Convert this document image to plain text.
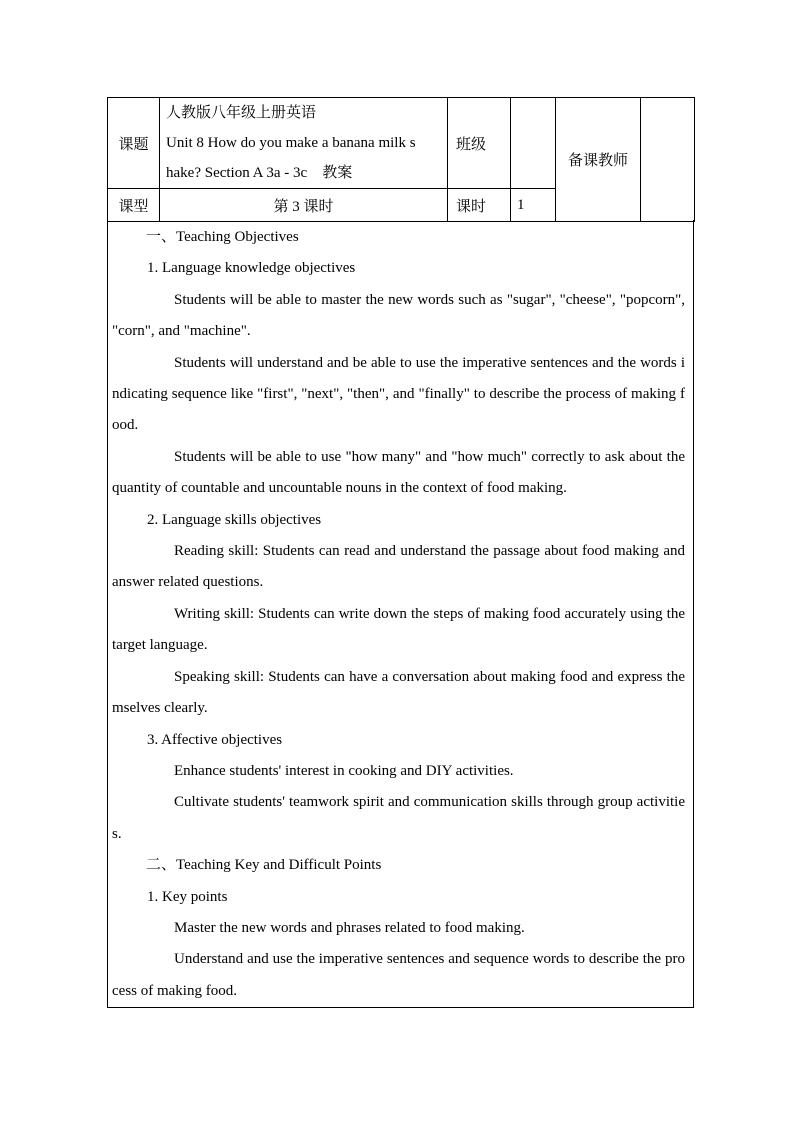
课题	人教版八年级上册英语
Unit 8 How do you make a banana milk s
hake? Section A 3a - 3c　教案	班级		备课教师	
课型	第 3 课时	课时	1		

一、Teaching Objectives

1. Language knowledge objectives

Students will be able to master the new words such as "sugar", "cheese", "popcorn", "corn", and "machine".

Students will understand and be able to use the imperative sentences and the words indicating sequence like "first", "next", "then", and "finally" to describe the process of making food.

Students will be able to use "how many" and "how much" correctly to ask about the quantity of countable and uncountable nouns in the context of food making.

2. Language skills objectives

Reading skill: Students can read and understand the passage about food making and answer related questions.

Writing skill: Students can write down the steps of making food accurately using the target language.

Speaking skill: Students can have a conversation about making food and express themselves clearly.

3. Affective objectives

Enhance students' interest in cooking and DIY activities.

Cultivate students' teamwork spirit and communication skills through group activities.

二、Teaching Key and Difficult Points

1. Key points

Master the new words and phrases related to food making.

Understand and use the imperative sentences and sequence words to describe the process of making food.
